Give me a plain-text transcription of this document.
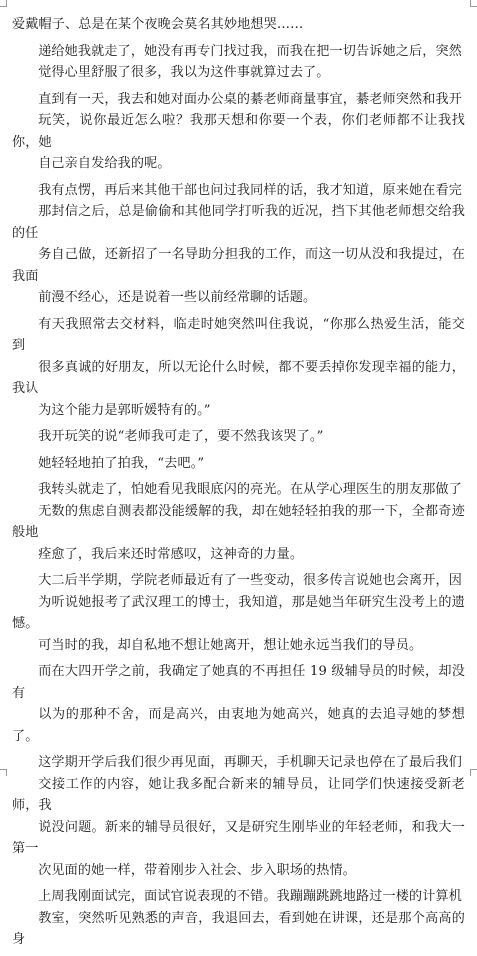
爱戴帽子、总是在某个夜晚会莫名其妙地想哭……

递给她我就走了，她没有再专门找过我，而我在把一切告诉她之后，突然
觉得心里舒服了很多，我以为这件事就算过去了。

直到有一天，我去和她对面办公桌的綦老师商量事宜，綦老师突然和我开
玩笑，说你最近怎么啦？我那天想和你要一个表，你们老师都不让我找你，她
自己亲自发给我的呢。

我有点愣，再后来其他干部也问过我同样的话，我才知道，原来她在看完
那封信之后，总是偷偷和其他同学打听我的近况，挡下其他老师想交给我的任
务自己做，还新招了一名导助分担我的工作，而这一切从没和我提过，在我面
前漫不经心，还是说着一些以前经常聊的话题。

有天我照常去交材料，临走时她突然叫住我说，“你那么热爱生活，能交到
很多真诚的好朋友，所以无论什么时候，都不要丢掉你发现幸福的能力，我认
为这个能力是郭昕媛特有的。”

我开玩笑的说“老师我可走了，要不然我该哭了。”

她轻轻地拍了拍我，“去吧。”

我转头就走了，怕她看见我眼底闪的亮光。在从学心理医生的朋友那做了
无数的焦虑自测表都没能缓解的我，却在她轻轻拍我的那一下，全都奇迹般地
痊愈了，我后来还时常感叹，这神奇的力量。

大二后半学期，学院老师最近有了一些变动，很多传言说她也会离开，因
为听说她报考了武汉理工的博士，我知道，那是她当年研究生没考上的遗憾。
可当时的我，却自私地不想让她离开，想让她永远当我们的导员。

而在大四开学之前，我确定了她真的不再担任 19 级辅导员的时候，却没有
以为的那种不舍，而是高兴，由衷地为她高兴，她真的去追寻她的梦想了。

这学期开学后我们很少再见面，再聊天，手机聊天记录也停在了最后我们
交接工作的内容，她让我多配合新来的辅导员，让同学们快速接受新老师，我
说没问题。新来的辅导员很好，又是研究生刚毕业的年轻老师，和我大一第一
次见面的她一样，带着刚步入社会、步入职场的热情。

上周我刚面试完，面试官说表现的不错。我蹦蹦跳跳地路过一楼的计算机
教室，突然听见熟悉的声音，我退回去，看到她在讲课，还是那个高高的身
